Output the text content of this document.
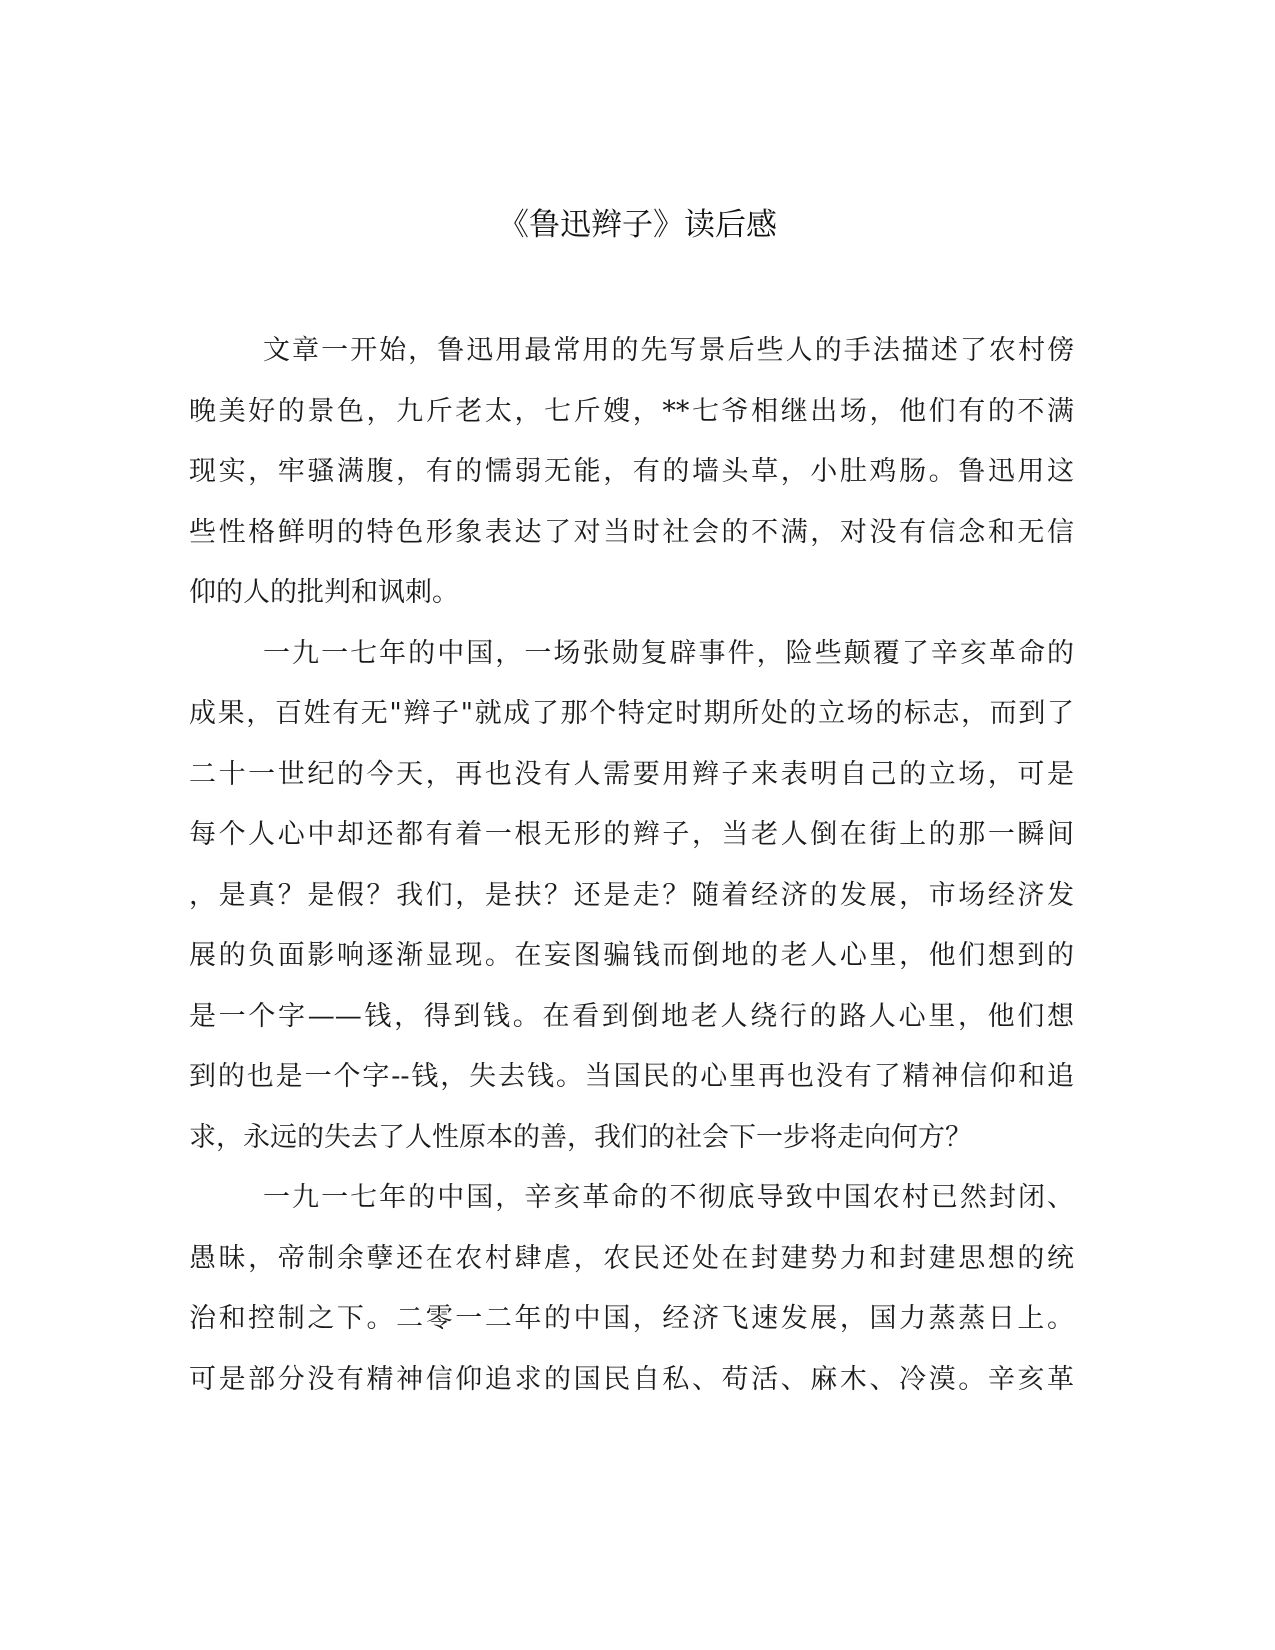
《鲁迅辫子》读后感
文章一开始，鲁迅用最常用的先写景后些人的手法描述了农村傍
晚美好的景色，九斤老太，七斤嫂，**七爷相继出场，他们有的不满
现实，牢骚满腹，有的懦弱无能，有的墙头草，小肚鸡肠。鲁迅用这
些性格鲜明的特色形象表达了对当时社会的不满，对没有信念和无信
仰的人的批判和讽刺。
一九一七年的中国，一场张勋复辟事件，险些颠覆了辛亥革命的
成果，百姓有无"辫子"就成了那个特定时期所处的立场的标志，而到了
二十一世纪的今天，再也没有人需要用辫子来表明自己的立场，可是
每个人心中却还都有着一根无形的辫子，当老人倒在街上的那一瞬间
，是真？是假？我们，是扶？还是走？随着经济的发展，市场经济发
展的负面影响逐渐显现。在妄图骗钱而倒地的老人心里，他们想到的
是一个字——钱，得到钱。在看到倒地老人绕行的路人心里，他们想
到的也是一个字--钱，失去钱。当国民的心里再也没有了精神信仰和追
求，永远的失去了人性原本的善，我们的社会下一步将走向何方？
一九一七年的中国，辛亥革命的不彻底导致中国农村已然封闭、
愚昧，帝制余孽还在农村肆虐，农民还处在封建势力和封建思想的统
治和控制之下。二零一二年的中国，经济飞速发展，国力蒸蒸日上。
可是部分没有精神信仰追求的国民自私、苟活、麻木、冷漠。辛亥革
